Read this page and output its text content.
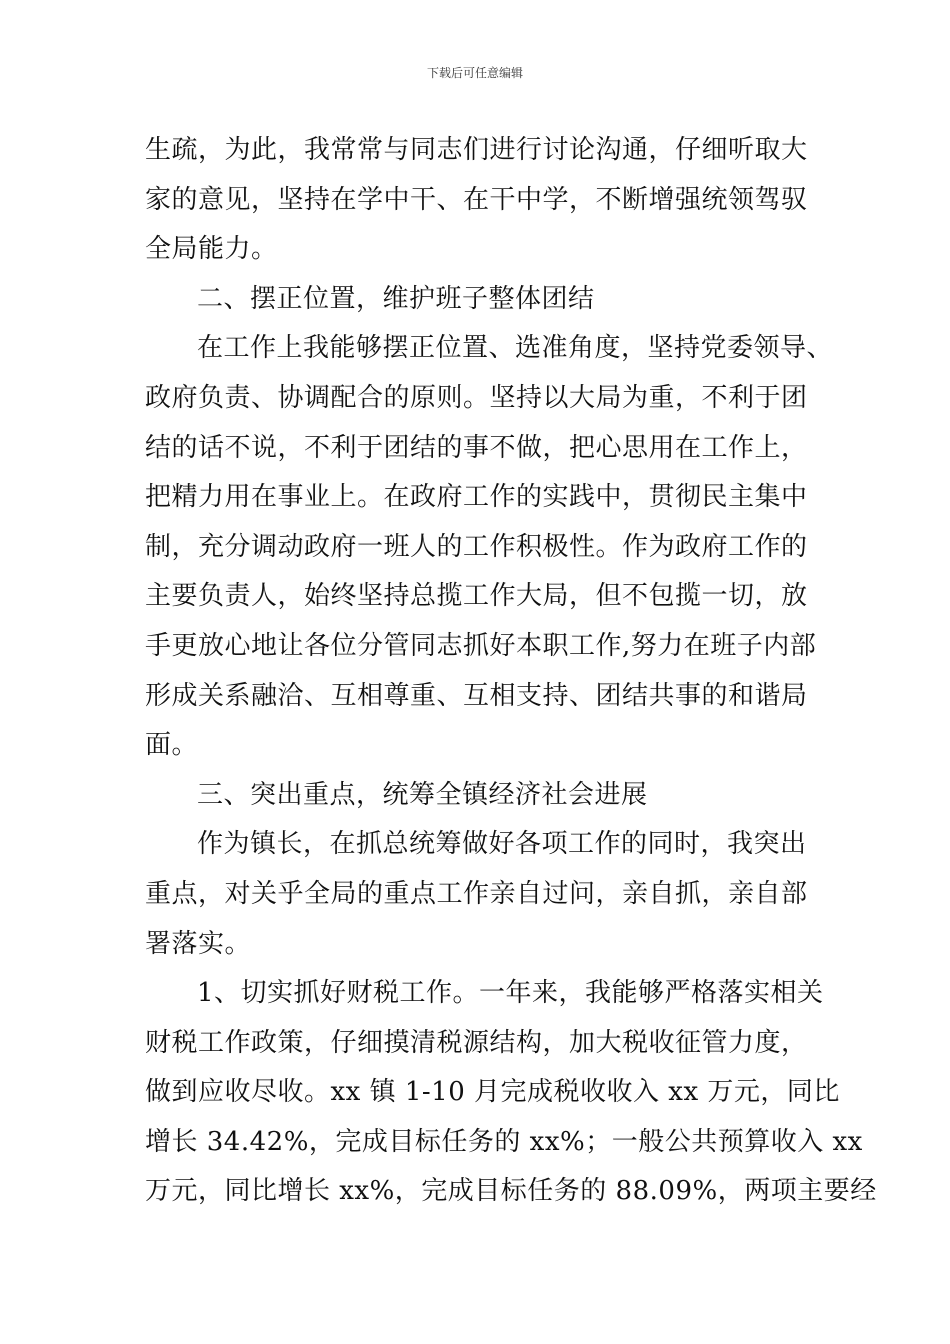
下载后可任意编辑
生疏，为此，我常常与同志们进行讨论沟通，仔细听取大
家的意见，坚持在学中干、在干中学，不断增强统领驾驭
全局能力。
二、摆正位置，维护班子整体团结
在工作上我能够摆正位置、选准角度，坚持党委领导、
政府负责、协调配合的原则。坚持以大局为重，不利于团
结的话不说，不利于团结的事不做，把心思用在工作上，
把精力用在事业上。在政府工作的实践中，贯彻民主集中
制，充分调动政府一班人的工作积极性。作为政府工作的
主要负责人，始终坚持总揽工作大局，但不包揽一切，放
手更放心地让各位分管同志抓好本职工作,努力在班子内部
形成关系融洽、互相尊重、互相支持、团结共事的和谐局
面。
三、突出重点，统筹全镇经济社会进展
作为镇长，在抓总统筹做好各项工作的同时，我突出
重点，对关乎全局的重点工作亲自过问，亲自抓，亲自部
署落实。
1、切实抓好财税工作。一年来，我能够严格落实相关
财税工作政策，仔细摸清税源结构，加大税收征管力度，
做到应收尽收。xx 镇 1-10 月完成税收收入 xx 万元，同比
增长 34.42%，完成目标任务的 xx%；一般公共预算收入 xx
万元，同比增长 xx%，完成目标任务的 88.09%，两项主要经
